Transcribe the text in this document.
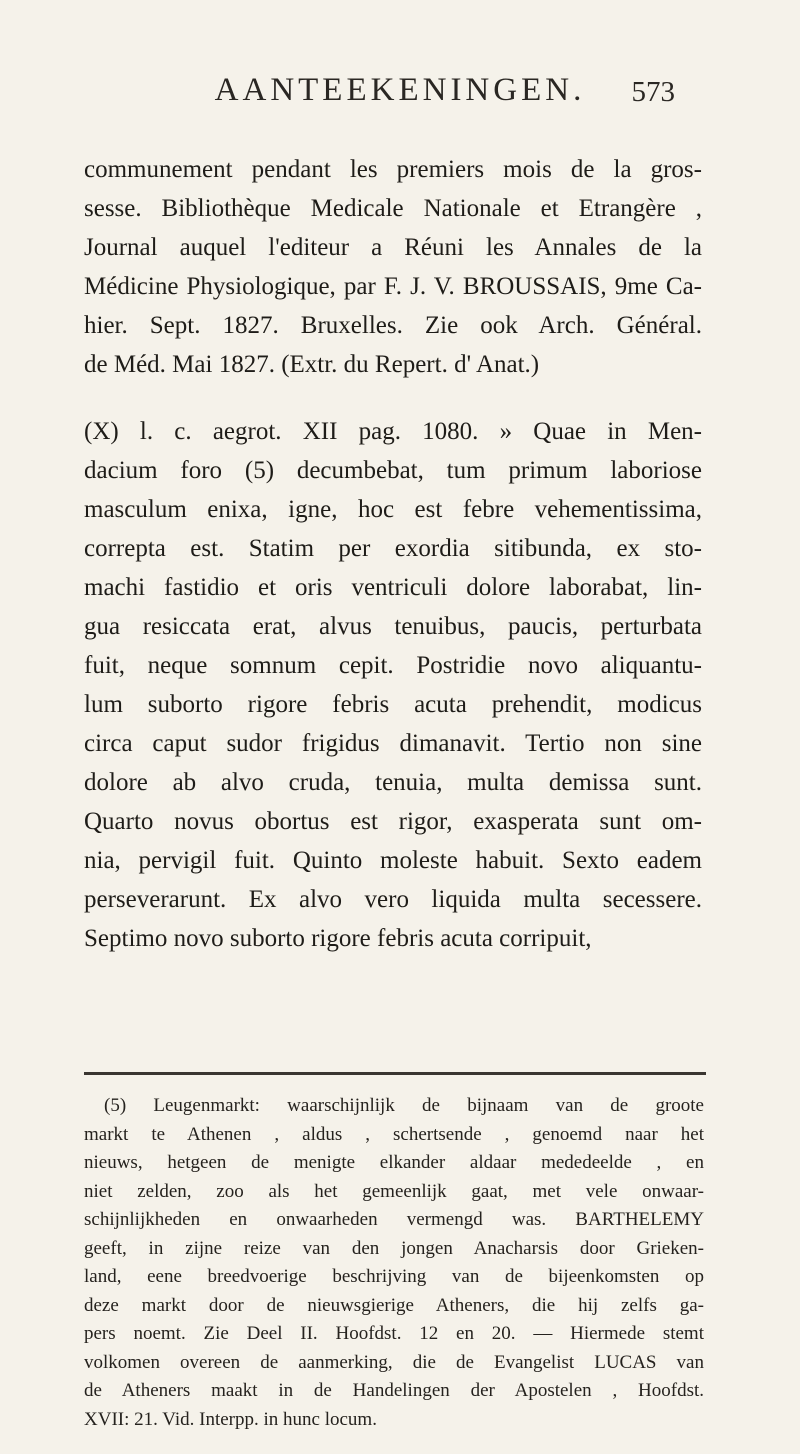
AANTEEKENINGEN.	573
communement pendant les premiers mois de la gros-
sesse. Bibliothèque Medicale Nationale et Etrangère ,
Journal auquel l'editeur a Réuni les Annales de la
Médicine Physiologique, par F. J. V. BROUSSAIS, 9me Ca-
hier. Sept. 1827. Bruxelles. Zie ook Arch. Général.
de Méd. Mai 1827. (Extr. du Repert. d' Anat.)
(X) l. c. aegrot. XII pag. 1080. » Quae in Men-
dacium foro (5) decumbebat, tum primum laboriose
masculum enixa, igne, hoc est febre vehementissima,
correpta est. Statim per exordia sitibunda, ex sto-
machi fastidio et oris ventriculi dolore laborabat, lin-
gua resiccata erat, alvus tenuibus, paucis, perturbata
fuit, neque somnum cepit. Postridie novo aliquantu-
lum suborto rigore febris acuta prehendit, modicus
circa caput sudor frigidus dimanavit. Tertio non sine
dolore ab alvo cruda, tenuia, multa demissa sunt.
Quarto novus obortus est rigor, exasperata sunt om-
nia, pervigil fuit. Quinto moleste habuit. Sexto eadem
perseverarunt. Ex alvo vero liquida multa secessere.
Septimo novo suborto rigore febris acuta corripuit,
(5) Leugenmarkt: waarschijnlijk de bijnaam van de groote
markt te Athenen , aldus , schertsende , genoemd naar het
nieuws, hetgeen de menigte elkander aldaar mededeelde , en
niet zelden, zoo als het gemeenlijk gaat, met vele onwaar-
schijnlijkheden en onwaarheden vermengd was. BARTHELEMY
geeft, in zijne reize van den jongen Anacharsis door Grieken-
land, eene breedvoerige beschrijving van de bijeenkomsten op
deze markt door de nieuwsgierige Atheners, die hij zelfs ga-
pers noemt. Zie Deel II. Hoofdst. 12 en 20. — Hiermede stemt
volkomen overeen de aanmerking, die de Evangelist LUCAS van
de Atheners maakt in de Handelingen der Apostelen , Hoofdst.
XVII: 21. Vid. Interpp. in hunc locum.
